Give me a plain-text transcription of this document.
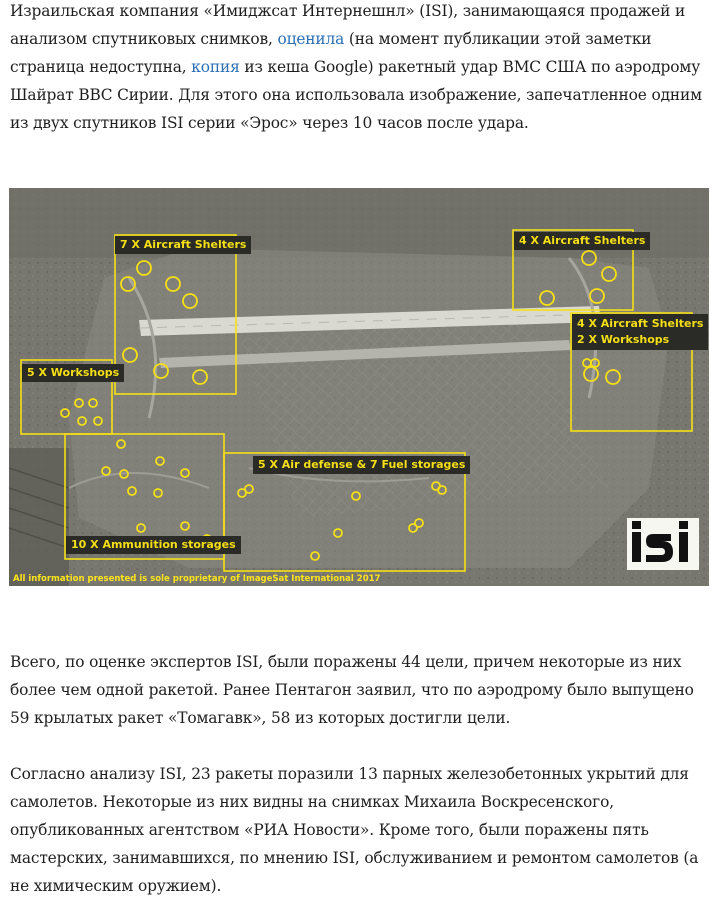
Израильская компания «Имиджсат Интернешнл» (ISI), занимающаяся продажей и анализом спутниковых снимков, оценила (на момент публикации этой заметки страница недоступна, копия из кеша Google) ракетный удар ВМС США по аэродрому Шайрат ВВС Сирии. Для этого она использовала изображение, запечатленное одним из двух спутников ISI серии «Эрос» через 10 часов после удара.

7 X Aircraft Shelters	4 X Aircraft Shelters
4 X Aircraft Shelters
2 X Workshops
5 X Workshops
5 X Air defense & 7 Fuel storages
10 X Ammunition storages
All information presented is sole proprietary of ImageSat International 2017

Всего, по оценке экспертов ISI, были поражены 44 цели, причем некоторые из них более чем одной ракетой. Ранее Пентагон заявил, что по аэродрому было выпущено 59 крылатых ракет «Томагавк», 58 из которых достигли цели.

Согласно анализу ISI, 23 ракеты поразили 13 парных железобетонных укрытий для самолетов. Некоторые из них видны на снимках Михаила Воскресенского, опубликованных агентством «РИА Новости». Кроме того, были поражены пять мастерских, занимавшихся, по мнению ISI, обслуживанием и ремонтом самолетов (а не химическим оружием).
